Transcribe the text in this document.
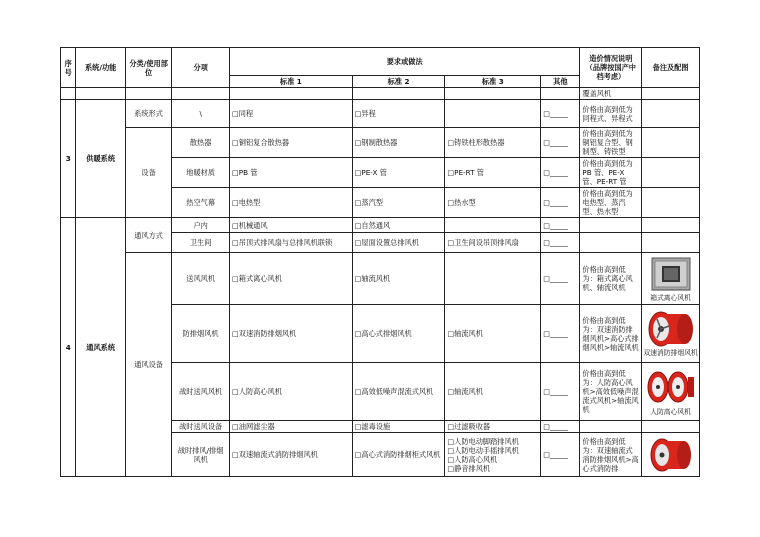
序号	系统/功能	分类/使用部位	分项	要求或做法				造价情况说明（品牌按国产中档考虑）	备注及配图
				标准 1	标准 2	标准 3	其他		
								覆盖风机	
3	供暖系统	系统形式	\	□同程	□异程		□_____	价格由高到低为同程式、异程式	
		设备	散热器	□铜铝复合散热器	□钢制散热器	□铸铁柱形散热器	□_____	价格由高到低为铜铝复合型、钢制型、铸铁型	
			地暖材质	□PB 管	□PE-X 管	□PE-RT 管	□_____	价格由高到低为 PB 管、PE-X 管、PE-RT 管	
			热空气幕	□电热型	□蒸汽型	□热水型	□_____	价格由高到低为电热型、蒸汽型、热水型	
4	通风系统	通风方式	户内	□机械通风	□自然通风		□_____		
			卫生间	□吊顶式排风扇与总排风机联锁	□屋面设置总排风机	□卫生间设吊顶排风扇	□_____		
		通风设备	送风风机	□箱式离心风机	□轴流风机		□_____	价格由高到低为：箱式离心风机、轴流风机	箱式离心风机

			防排烟风机	□双速消防排烟风机	□高心式排烟风机	□轴流风机	□_____	价格由高到低为：双速消防排烟风机>高心式排烟风机>轴流风机	双速消防排烟风机

			战时送风风机	□人防高心风机	□高效低噪声混流式风机	□轴流风机	□_____	价格由高到低为：人防高心风机>高效低噪声混流式风机>轴流风机	人防高心风机

			战时送风设备	□油网滤尘器	□滤毒设施	□过滤吸收器	□_____		
			战时排风/排烟风机	□双速轴流式消防排烟风机	□高心式消防排烟柜式风机	□人防电动脚踏排风机
□人防电动手摇排风机
□人防高心风机
□静音排风机	□_____	价格由高到低为：双速轴流式消防排烟风机>高心式消防排	
